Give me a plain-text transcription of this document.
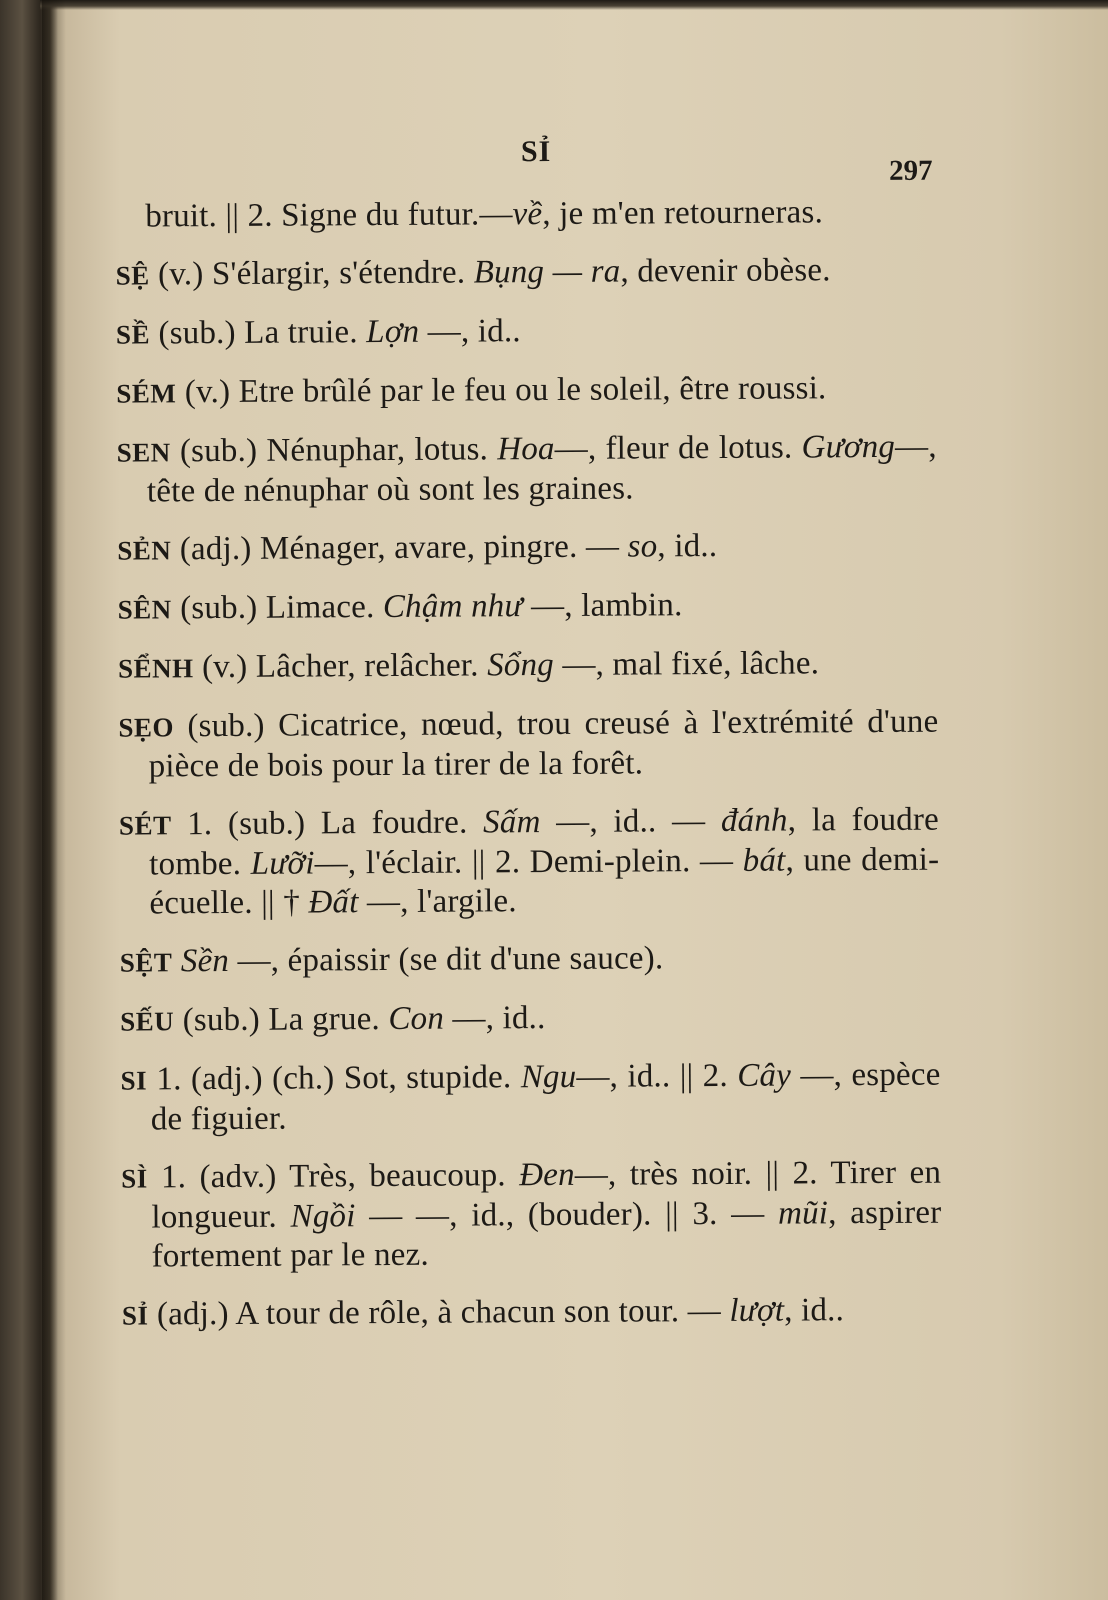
SỈ
297
bruit. || 2. Signe du futur.—về, je m'en retourneras.
SỆ (v.) S'élargir, s'étendre. Bụng — ra, devenir obèse.
SỀ (sub.) La truie. Lợn —, id..
SÉM (v.) Etre brûlé par le feu ou le soleil, être roussi.
SEN (sub.) Nénuphar, lotus. Hoa—, fleur de lotus. Gương—, tête de nénuphar où sont les graines.
SẺN (adj.) Ménager, avare, pingre. — so, id..
SÊN (sub.) Limace. Chậm như —, lambin.
SỂNH (v.) Lâcher, relâcher. Sổng —, mal fixé, lâche.
SẸO (sub.) Cicatrice, nœud, trou creusé à l'extrémité d'une pièce de bois pour la tirer de la forêt.
SÉT 1. (sub.) La foudre. Sấm —, id.. — đánh, la foudre tombe. Lưỡi—, l'éclair. || 2. Demi-plein. — bát, une demi-écuelle. || † Đất —, l'argile.
SỆT Sền —, épaissir (se dit d'une sauce).
SẾU (sub.) La grue. Con —, id..
SI 1. (adj.) (ch.) Sot, stupide. Ngu—, id.. || 2. Cây —, espèce de figuier.
SÌ 1. (adv.) Très, beaucoup. Đen—, très noir. || 2. Tirer en longueur. Ngồi — —, id., (bouder). || 3. — mũi, aspirer fortement par le nez.
SỈ (adj.) A tour de rôle, à chacun son tour. — lượt, id..
